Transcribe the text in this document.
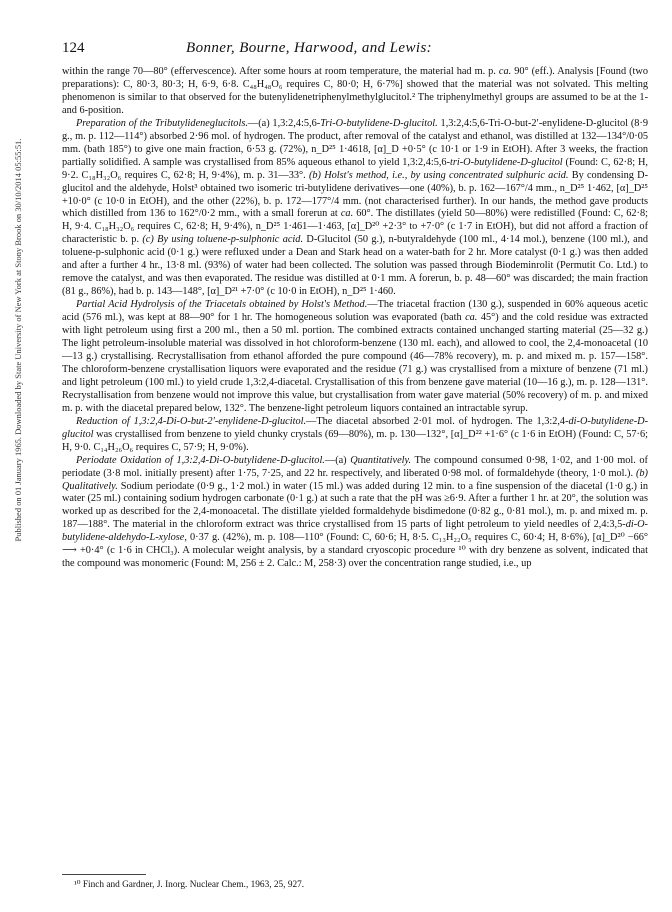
Published on 01 January 1965. Downloaded by State University of New York at Stony Brook on 30/10/2014 05:55:51.
124	Bonner, Bourne, Harwood, and Lewis:

within the range 70—80° (effervescence). After some hours at room temperature, the material had m. p. ca. 90° (eff.). Analysis [Found (two preparations): C, 80·3, 80·3; H, 6·9, 6·8. C₄₈H₄₈O₆ requires C, 80·0; H, 6·7%] showed that the material was not solvated. This melting phenomenon is similar to that observed for the butenylidenetriphenylmethylglucitol.² The triphenylmethyl groups are assumed to be at the 1- and 6-position.

Preparation of the Tributylideneglucitols.—(a) 1,3:2,4:5,6-Tri-O-butylidene-D-glucitol. 1,3:2,4:5,6-Tri-O-but-2′-enylidene-D-glucitol (8·9 g., m. p. 112—114°) absorbed 2·96 mol. of hydrogen. The product, after removal of the catalyst and ethanol, was distilled at 132—134°/0·05 mm. (bath 185°) to give one main fraction, 6·53 g. (72%), n_D²⁵ 1·4618, [α]_D +0·5° (c 10·1 or 1·9 in EtOH). After 3 weeks, the fraction partially solidified. A sample was crystallised from 85% aqueous ethanol to yield 1,3:2,4:5,6-tri-O-butylidene-D-glucitol (Found: C, 62·8; H, 9·2. C₁₈H₃₂O₆ requires C, 62·8; H, 9·4%), m. p. 31—33°. (b) Holst's method, i.e., by using concentrated sulphuric acid. By condensing D-glucitol and the aldehyde, Holst³ obtained two isomeric tri-butylidene derivatives—one (40%), b. p. 162—167°/4 mm., n_D²⁵ 1·462, [α]_D²⁵ +10·0° (c 10·0 in EtOH), and the other (22%), b. p. 172—177°/4 mm. (not characterised further). In our hands, the method gave products which distilled from 136 to 162°/0·2 mm., with a small forerun at ca. 60°. The distillates (yield 50—80%) were redistilled (Found: C, 62·8; H, 9·4. C₁₈H₃₂O₆ requires C, 62·8; H, 9·4%), n_D²⁵ 1·461—1·463, [α]_D²⁰ +2·3° to +7·0° (c 1·7 in EtOH), but did not afford a fraction of characteristic b. p. (c) By using toluene-p-sulphonic acid. D-Glucitol (50 g.), n-butyraldehyde (100 ml., 4·14 mol.), benzene (100 ml.), and toluene-p-sulphonic acid (0·1 g.) were refluxed under a Dean and Stark head on a water-bath for 2 hr. More catalyst (0·1 g.) was then added and after a further 4 hr., 13·8 ml. (93%) of water had been collected. The solution was passed through Biodeminrolit (Permutit Co. Ltd.) to remove the catalyst, and was then evaporated. The residue was distilled at 0·1 mm. A forerun, b. p. 48—60° was discarded; the main fraction (81 g., 86%), had b. p. 143—148°, [α]_D²¹ +7·0° (c 10·0 in EtOH), n_D²⁵ 1·460.

Partial Acid Hydrolysis of the Triacetals obtained by Holst's Method.—The triacetal fraction (130 g.), suspended in 60% aqueous acetic acid (576 ml.), was kept at 88—90° for 1 hr. The homogeneous solution was evaporated (bath ca. 45°) and the cold residue was extracted with light petroleum using first a 200 ml., then a 50 ml. portion. The combined extracts contained unchanged starting material (25—32 g.) The light petroleum-insoluble material was dissolved in hot chloroform-benzene (130 ml. each), and allowed to cool, the 2,4-monoacetal (10—13 g.) crystallising. Recrystallisation from ethanol afforded the pure compound (46—78% recovery), m. p. and mixed m. p. 157—158°. The chloroform-benzene crystallisation liquors were evaporated and the residue (71 g.) was crystallised from a mixture of benzene (71 ml.) and light petroleum (100 ml.) to yield crude 1,3:2,4-diacetal. Crystallisation of this from benzene gave material (10—16 g.), m. p. 128—131°. Recrystallisation from benzene would not improve this value, but crystallisation from water gave material (50% recovery) of m. p. and mixed m. p. with the diacetal prepared below, 132°. The benzene-light petroleum liquors contained an intractable syrup.

Reduction of 1,3:2,4-Di-O-but-2′-enylidene-D-glucitol.—The diacetal absorbed 2·01 mol. of hydrogen. The 1,3:2,4-di-O-butylidene-D-glucitol was crystallised from benzene to yield chunky crystals (69—80%), m. p. 130—132°, [α]_D²² +1·6° (c 1·6 in EtOH) (Found: C, 57·6; H, 9·0. C₁₄H₂₆O₆ requires C, 57·9; H, 9·0%).

Periodate Oxidation of 1,3:2,4-Di-O-butylidene-D-glucitol.—(a) Quantitatively. The compound consumed 0·98, 1·02, and 1·00 mol. of periodate (3·8 mol. initially present) after 1·75, 7·25, and 22 hr. respectively, and liberated 0·98 mol. of formaldehyde (theory, 1·0 mol.). (b) Qualitatively. Sodium periodate (0·9 g., 1·2 mol.) in water (15 ml.) was added during 12 min. to a fine suspension of the diacetal (1·0 g.) in water (25 ml.) containing sodium hydrogen carbonate (0·1 g.) at such a rate that the pH was ≥6·9. After a further 1 hr. at 20°, the solution was worked up as described for the 2,4-monoacetal. The distillate yielded formaldehyde bisdimedone (0·82 g., 0·81 mol.), m. p. and mixed m. p. 187—188°. The material in the chloroform extract was thrice crystallised from 15 parts of light petroleum to yield needles of 2,4:3,5-di-O-butylidene-aldehydo-L-xylose, 0·37 g. (42%), m. p. 108—110° (Found: C, 60·6; H, 8·5. C₁₃H₂₂O₅ requires C, 60·4; H, 8·6%), [α]_D²⁰ −66° ⟶ +0·4° (c 1·6 in CHCl₃). A molecular weight analysis, by a standard cryoscopic procedure ¹⁰ with dry benzene as solvent, indicated that the compound was monomeric (Found: M, 256 ± 2. Calc.: M, 258·3) over the concentration range studied, i.e., up

¹⁰ Finch and Gardner, J. Inorg. Nuclear Chem., 1963, 25, 927.
